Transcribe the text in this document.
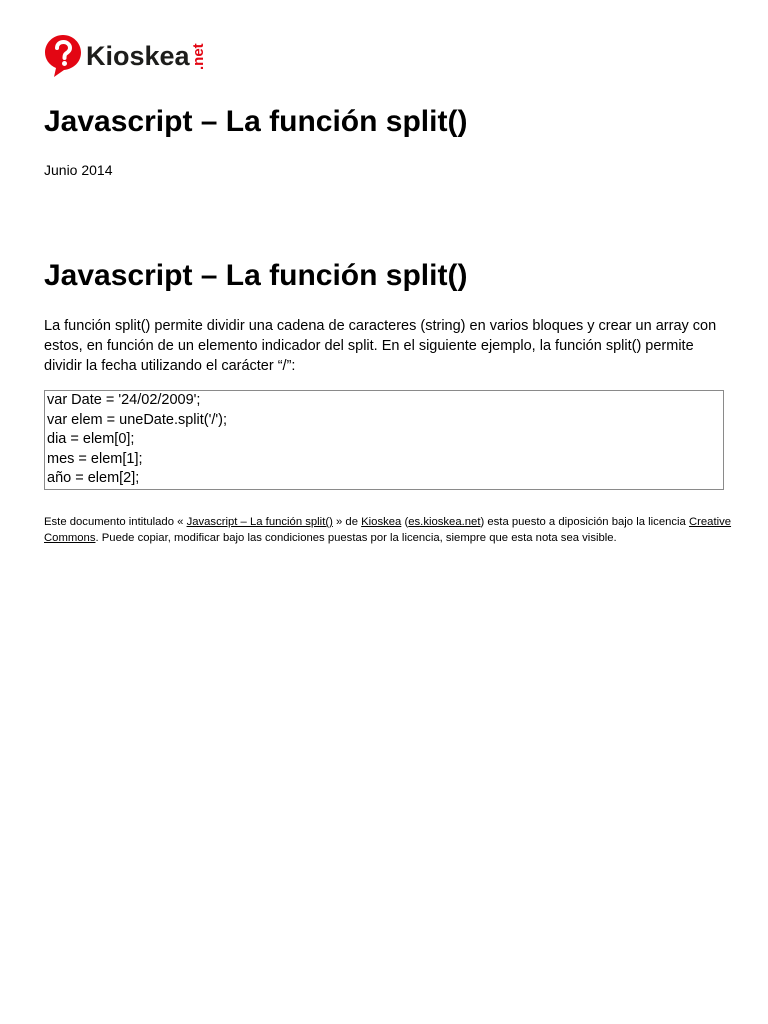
Kioskea .net
Javascript – La función split()
Junio 2014
Javascript – La función split()

La función split() permite dividir una cadena de caracteres (string) en varios bloques y crear un array con estos, en función de un elemento indicador del split. En el siguiente ejemplo, la función split() permite dividir la fecha utilizando el carácter “/”:

var Date = '24/02/2009';
var elem = uneDate.split('/');
dia = elem[0];
mes = elem[1];
año = elem[2];

Este documento intitulado « Javascript – La función split() » de Kioskea (es.kioskea.net) esta puesto a diposición bajo la licencia Creative Commons. Puede copiar, modificar bajo las condiciones puestas por la licencia, siempre que esta nota sea visible.
